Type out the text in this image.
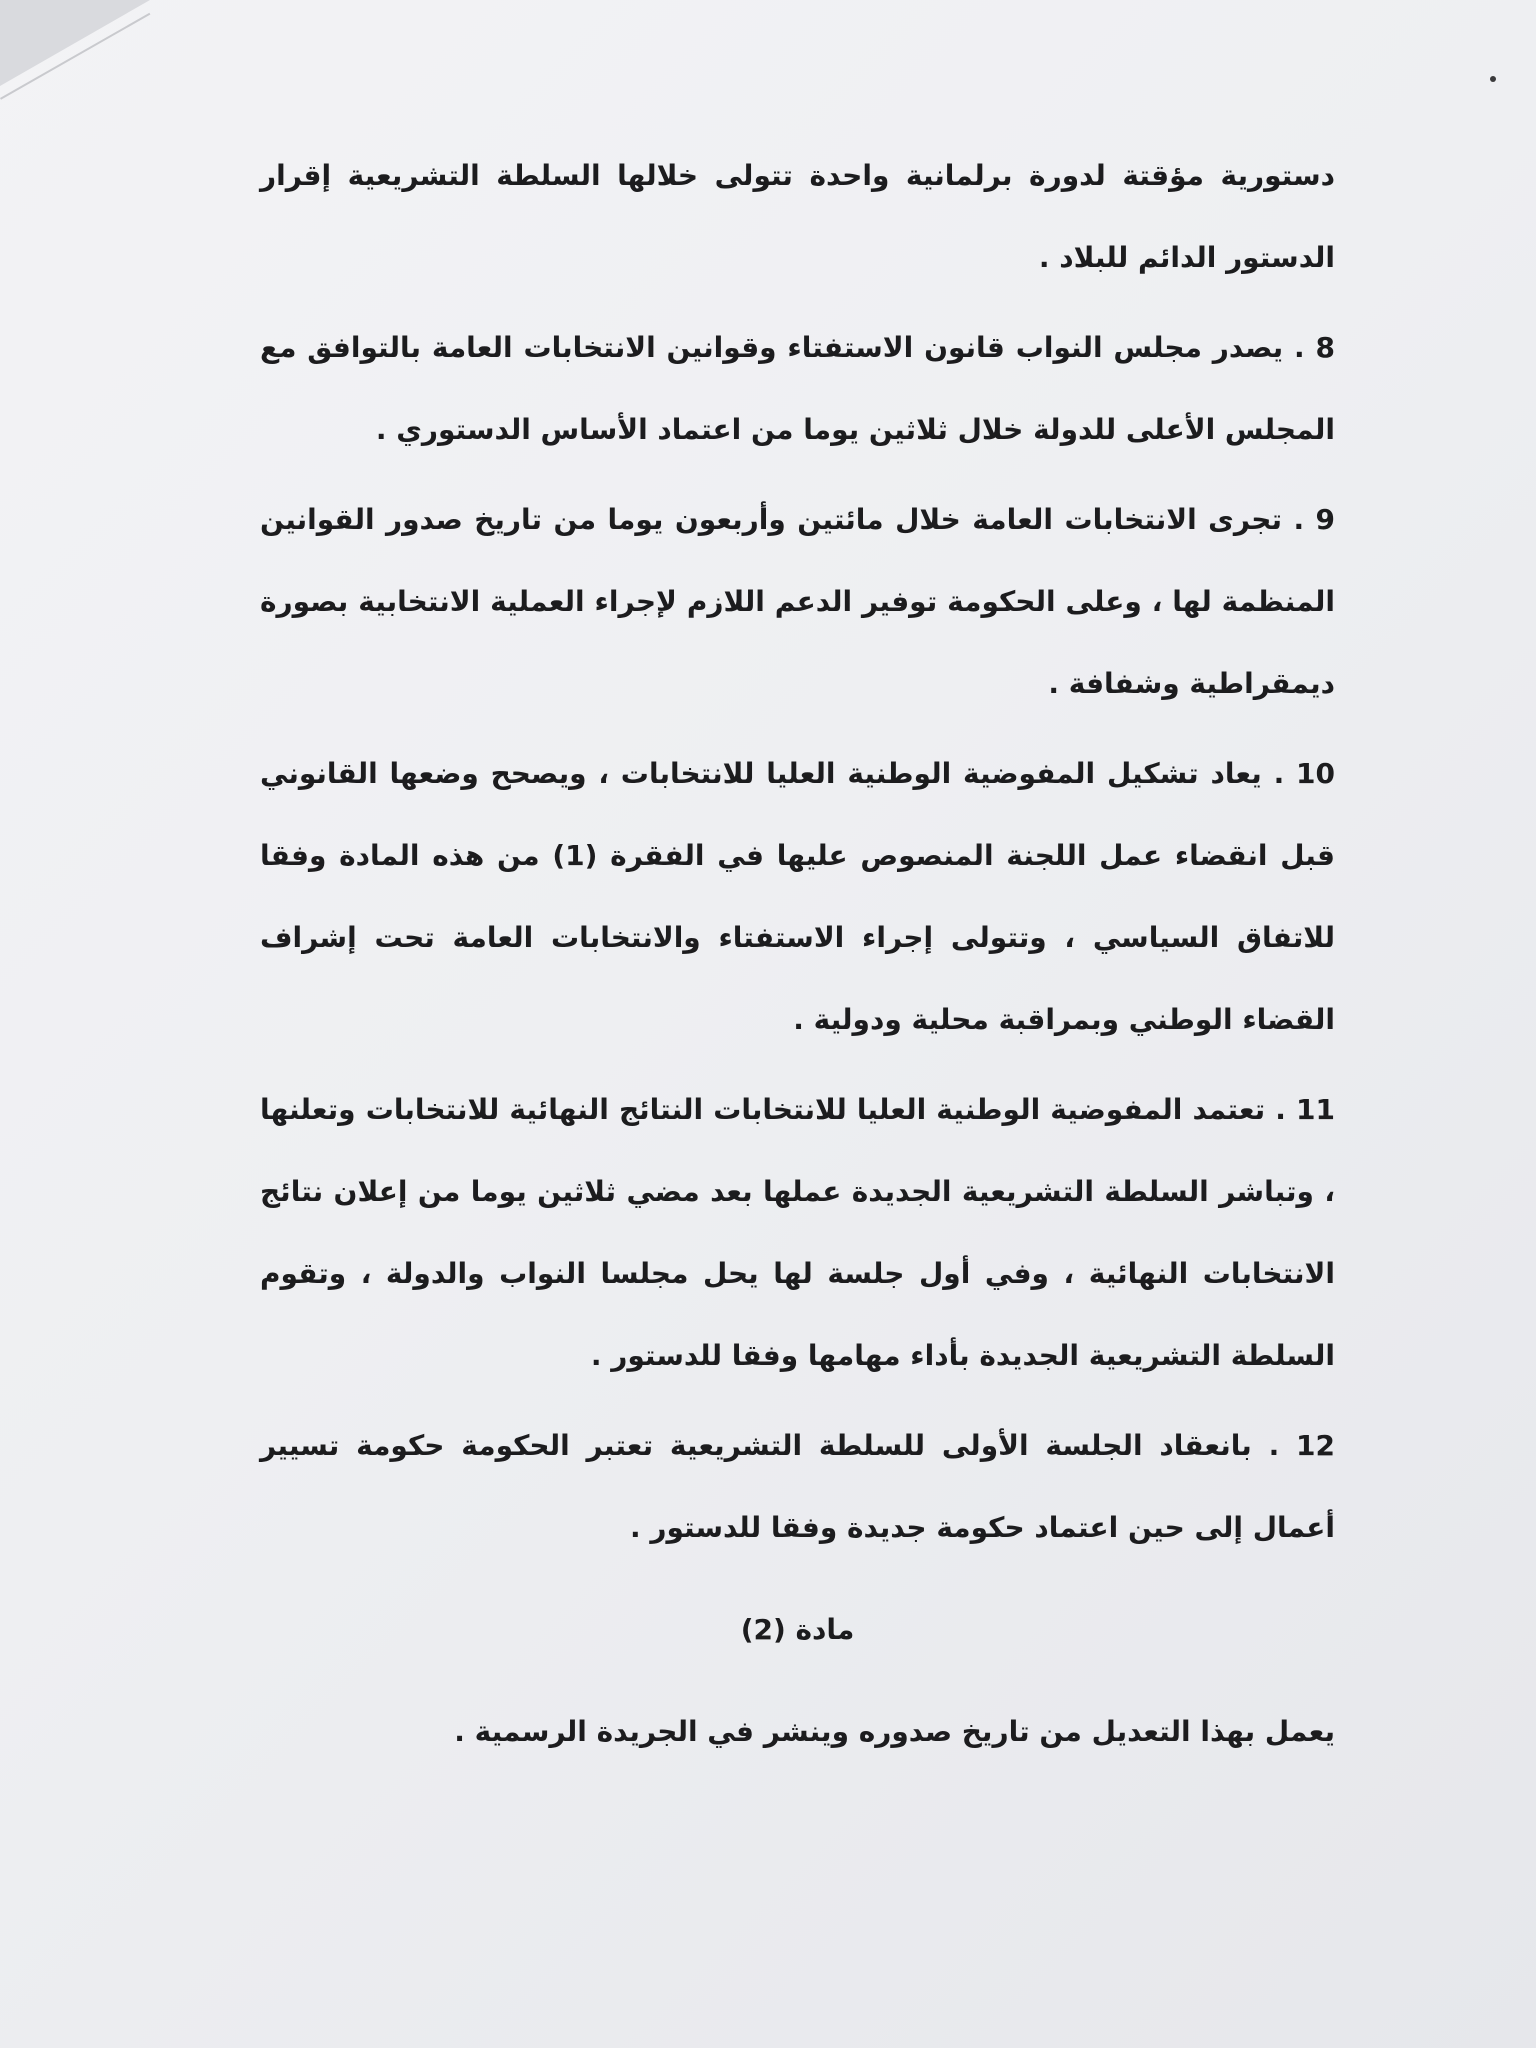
دستورية مؤقتة لدورة برلمانية واحدة تتولى خلالها السلطة التشريعية إقرار الدستور الدائم للبلاد .

8 . يصدر مجلس النواب قانون الاستفتاء وقوانين الانتخابات العامة بالتوافق مع المجلس الأعلى للدولة خلال ثلاثين يوما من اعتماد الأساس الدستوري .

9 . تجرى الانتخابات العامة خلال مائتين وأربعون يوما من تاريخ صدور القوانين المنظمة لها ، وعلى الحكومة توفير الدعم اللازم لإجراء العملية الانتخابية بصورة ديمقراطية وشفافة .

10 . يعاد تشكيل المفوضية الوطنية العليا للانتخابات ، ويصحح وضعها القانوني قبل انقضاء عمل اللجنة المنصوص عليها في الفقرة (1) من هذه المادة وفقا للاتفاق السياسي ، وتتولى إجراء الاستفتاء والانتخابات العامة تحت إشراف القضاء الوطني وبمراقبة محلية ودولية .

11 . تعتمد المفوضية الوطنية العليا للانتخابات النتائج النهائية للانتخابات وتعلنها ، وتباشر السلطة التشريعية الجديدة عملها بعد مضي ثلاثين يوما من إعلان نتائج الانتخابات النهائية ، وفي أول جلسة لها يحل مجلسا النواب والدولة ، وتقوم السلطة التشريعية الجديدة بأداء مهامها وفقا للدستور .

12 . بانعقاد الجلسة الأولى للسلطة التشريعية تعتبر الحكومة حكومة تسيير أعمال إلى حين اعتماد حكومة جديدة وفقا للدستور .

مادة (2)

يعمل بهذا التعديل من تاريخ صدوره وينشر في الجريدة الرسمية .
